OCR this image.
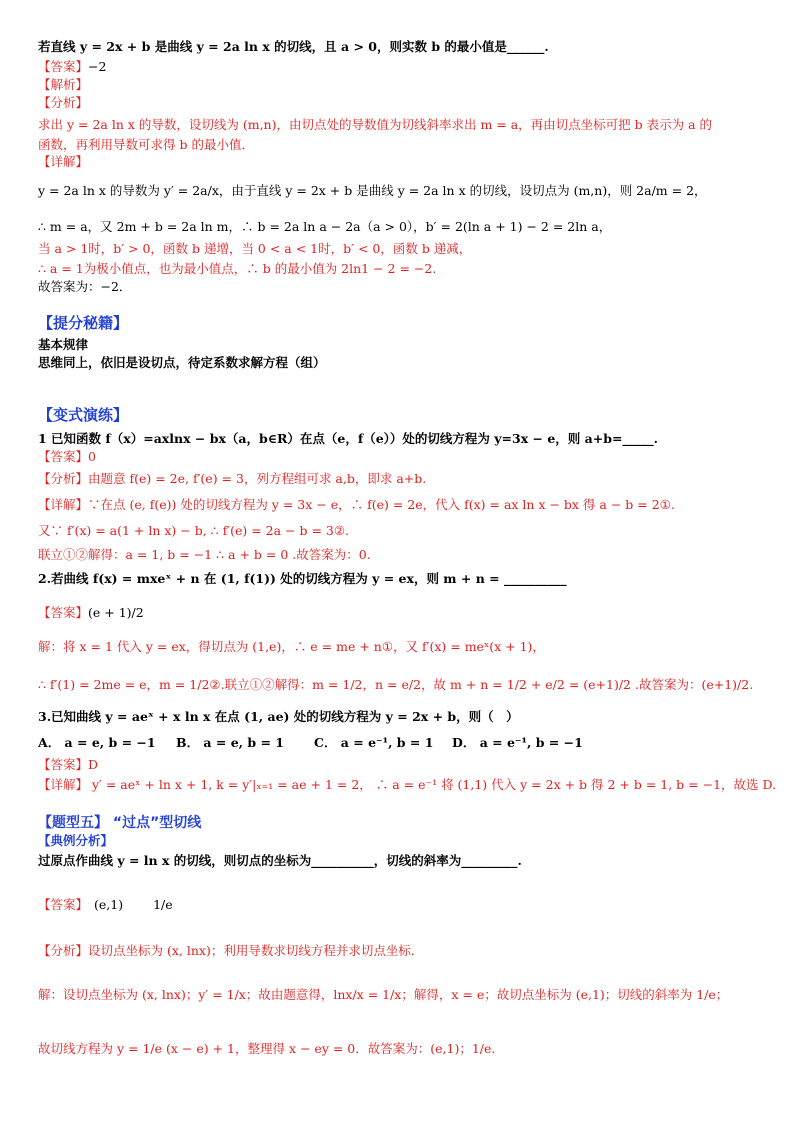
若直线 y = 2x + b 是曲线 y = 2a ln x 的切线，且 a > 0，则实数 b 的最小值是______.
【答案】−2
【解析】
【分析】
求出 y = 2a ln x 的导数，设切线为 (m,n)，由切点处的导数值为切线斜率求出 m = a，再由切点坐标可把 b 表示为 a 的
函数，再利用导数可求得 b 的最小值．
【详解】
y = 2a ln x 的导数为 y′ = 2a/x，由于直线 y = 2x + b 是曲线 y = 2a ln x 的切线，设切点为 (m,n)，则 2a/m = 2，
∴ m = a，又 2m + b = 2a ln m，∴ b = 2a ln a − 2a（a > 0），b′ = 2(ln a + 1) − 2 = 2ln a，
当 a > 1时，b′ > 0，函数 b 递增，当 0 < a < 1时，b′ < 0，函数 b 递减，
∴ a = 1为极小值点，也为最小值点，∴ b 的最小值为 2ln1 − 2 = −2.
故答案为：−2．
【提分秘籍】
基本规律
思维同上，依旧是设切点，待定系数求解方程（组）
【变式演练】
1 已知函数 f（x）=axlnx − bx（a，b∈R）在点（e，f（e））处的切线方程为 y=3x − e，则 a+b=_____.
【答案】0
【分析】由题意 f(e) = 2e, f′(e) = 3，列方程组可求 a,b，即求 a+b.
【详解】∵在点 (e, f(e)) 处的切线方程为 y = 3x − e，∴ f(e) = 2e，代入 f(x) = ax ln x − bx 得 a − b = 2①.
又∵ f′(x) = a(1 + ln x) − b, ∴ f′(e) = 2a − b = 3②.
联立①②解得：a = 1, b = −1 ∴ a + b = 0 .故答案为：0.
2.若曲线 f(x) = mxeˣ + n 在 (1, f(1)) 处的切线方程为 y = ex，则 m + n = __________
【答案】(e + 1)/2
解：将 x = 1 代入 y = ex，得切点为 (1,e)，∴ e = me + n①，又 f′(x) = meˣ(x + 1)，
∴ f′(1) = 2me = e，m = 1/2②.联立①②解得：m = 1/2，n = e/2，故 m + n = 1/2 + e/2 = (e+1)/2 .故答案为：(e+1)/2.
3.已知曲线 y = aeˣ + x ln x 在点 (1, ae) 处的切线方程为 y = 2x + b，则（　）
A． a = e, b = −1 B． a = e, b = 1 C． a = e⁻¹, b = 1 D． a = e⁻¹, b = −1
【答案】D
【详解】 y′ = aeˣ + ln x + 1, k = y′|ₓ₌₁ = ae + 1 = 2， ∴ a = e⁻¹ 将 (1,1) 代入 y = 2x + b 得 2 + b = 1, b = −1，故选 D.
【题型五】 “过点”型切线
【典例分析】
过原点作曲线 y = ln x 的切线，则切点的坐标为__________，切线的斜率为_________.
【答案】 (e,1) 1/e
【分析】设切点坐标为 (x, lnx)；利用导数求切线方程并求切点坐标．
解：设切点坐标为 (x, lnx)；y′ = 1/x；故由题意得，lnx/x = 1/x；解得，x = e；故切点坐标为 (e,1)；切线的斜率为 1/e；
故切线方程为 y = 1/e (x − e) + 1，整理得 x − ey = 0．故答案为：(e,1)；1/e.
